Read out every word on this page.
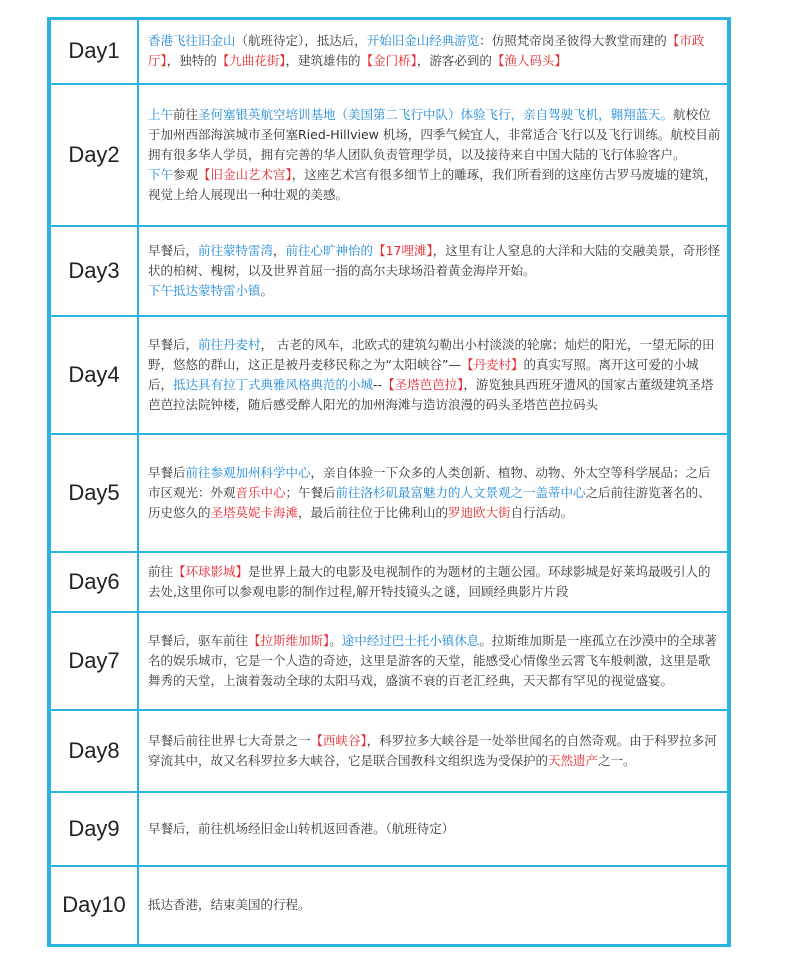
Day1	香港飞往旧金山（航班待定），抵达后，开始旧金山经典游览：仿照梵帝岗圣彼得大教堂而建的【市政厅】，独特的【九曲花街】，建筑雄伟的【金门桥】，游客必到的【渔人码头】
Day2	上午前往圣何塞银英航空培训基地（美国第二飞行中队）体验飞行，亲自驾驶飞机，翱翔蓝天。航校位于加州西部海滨城市圣何塞Ried-Hillview 机场，四季气候宜人，非常适合飞行以及飞行训练。航校目前拥有很多华人学员，拥有完善的华人团队负责管理学员，以及接待来自中国大陆的飞行体验客户。
下午参观【旧金山艺术宫】，这座艺术宫有很多细节上的雕琢，我们所看到的这座仿古罗马废墟的建筑，视觉上给人展现出一种壮观的美感。
Day3	早餐后，前往蒙特雷湾，前往心旷神怡的【17哩滩】，这里有让人窒息的大洋和大陆的交融美景，奇形怪状的柏树、槐树，以及世界首屈一指的高尔夫球场沿着黄金海岸开始。
下午抵达蒙特雷小镇。
Day4	早餐后，前往丹麦村， 古老的风车，北欧式的建筑勾勒出小村淡淡的轮廓；灿烂的阳光，一望无际的田野，悠悠的群山，这正是被丹麦移民称之为“太阳峡谷”—【丹麦村】的真实写照。离开这可爱的小城后，抵达具有拉丁式典雅风格典范的小城--【圣塔芭芭拉】，游览独具西班牙遗风的国家古董级建筑圣塔芭芭拉法院钟楼，随后感受醉人阳光的加州海滩与造访浪漫的码头圣塔芭芭拉码头
Day5	早餐后前往参观加州科学中心，亲自体验一下众多的人类创新、植物、动物、外太空等科学展品；之后市区观光：外观音乐中心；午餐后前往洛杉矶最富魅力的人文景观之一盖蒂中心之后前往游览著名的、历史悠久的圣塔莫妮卡海滩，最后前往位于比佛利山的罗迪欧大街自行活动。
Day6	前往【环球影城】是世界上最大的电影及电视制作的为题材的主题公园。环球影城是好莱坞最吸引人的去处,这里你可以参观电影的制作过程,解开特技镜头之谜，回顾经典影片片段
Day7	早餐后，驱车前往【拉斯维加斯】。途中经过巴士托小镇休息。拉斯维加斯是一座孤立在沙漠中的全球著名的娱乐城市，它是一个人造的奇迹，这里是游客的天堂，能感受心情像坐云霄飞车般刺激，这里是歌舞秀的天堂，上演着轰动全球的太阳马戏，盛演不衰的百老汇经典，天天都有罕见的视觉盛宴。
Day8	早餐后前往世界七大奇景之一【西峡谷】，科罗拉多大峡谷是一处举世闻名的自然奇观。由于科罗拉多河穿流其中，故又名科罗拉多大峡谷，它是联合国教科文组织选为受保护的天然遗产之一。
Day9	早餐后，前往机场经旧金山转机返回香港。（航班待定）
Day10	抵达香港，结束美国的行程。
